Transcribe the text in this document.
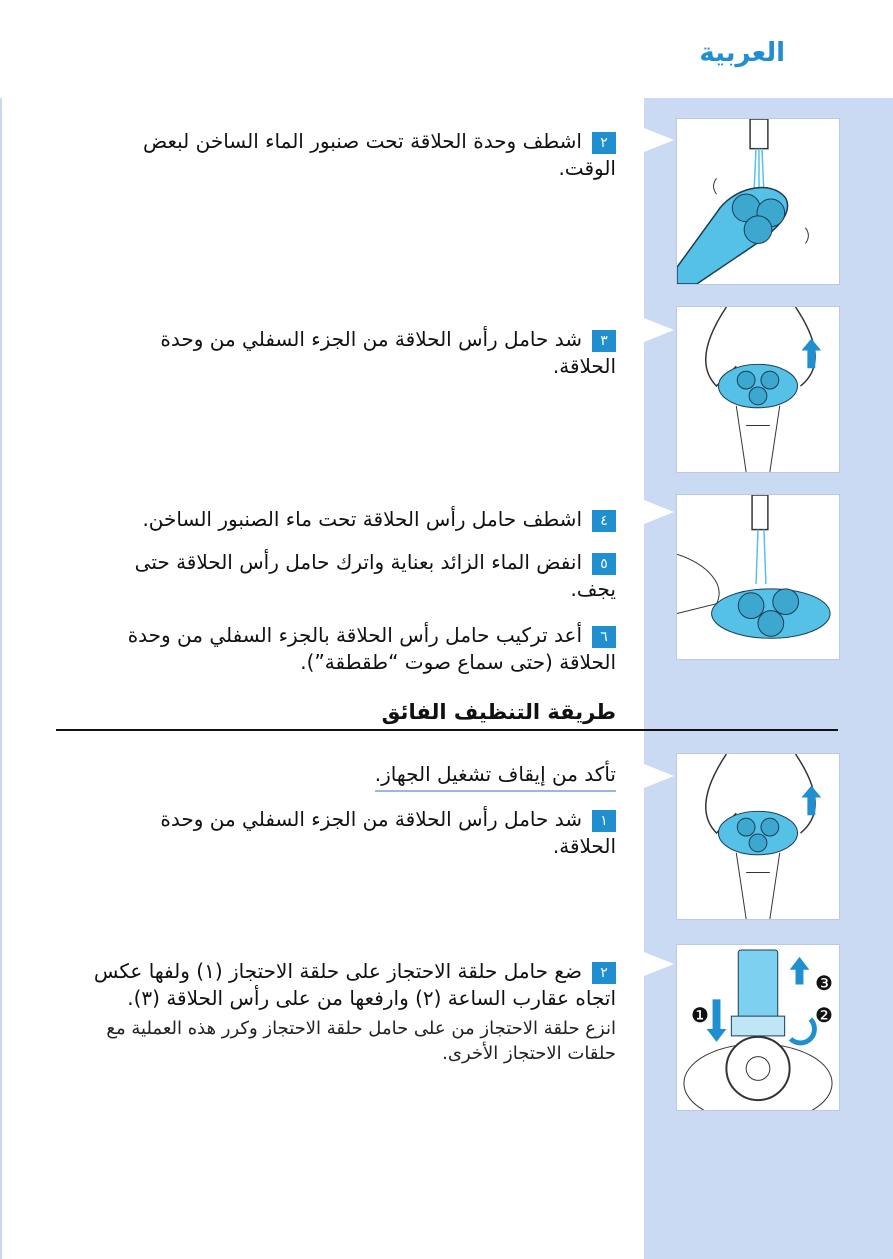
العربية
❶	❷
❸
٢اشطف وحدة الحلاقة تحت صنبور الماء الساخن لبعض الوقت.
٣شد حامل رأس الحلاقة من الجزء السفلي من وحدة الحلاقة.
٤اشطف حامل رأس الحلاقة تحت ماء الصنبور الساخن.
٥انفض الماء الزائد بعناية واترك حامل رأس الحلاقة حتى يجف.
٦أعد تركيب حامل رأس الحلاقة بالجزء السفلي من وحدة الحلاقة (حتى سماع صوت “طقطقة”).
طريقة التنظيف الفائق
تأكد من إيقاف تشغيل الجهاز.
١شد حامل رأس الحلاقة من الجزء السفلي من وحدة الحلاقة.
٢ضع حامل حلقة الاحتجاز على حلقة الاحتجاز (١) ولفها عكس اتجاه عقارب الساعة (٢) وارفعها من على رأس الحلاقة (٣).
انزع حلقة الاحتجاز من على حامل حلقة الاحتجاز وكرر هذه العملية مع حلقات الاحتجاز الأخرى.
